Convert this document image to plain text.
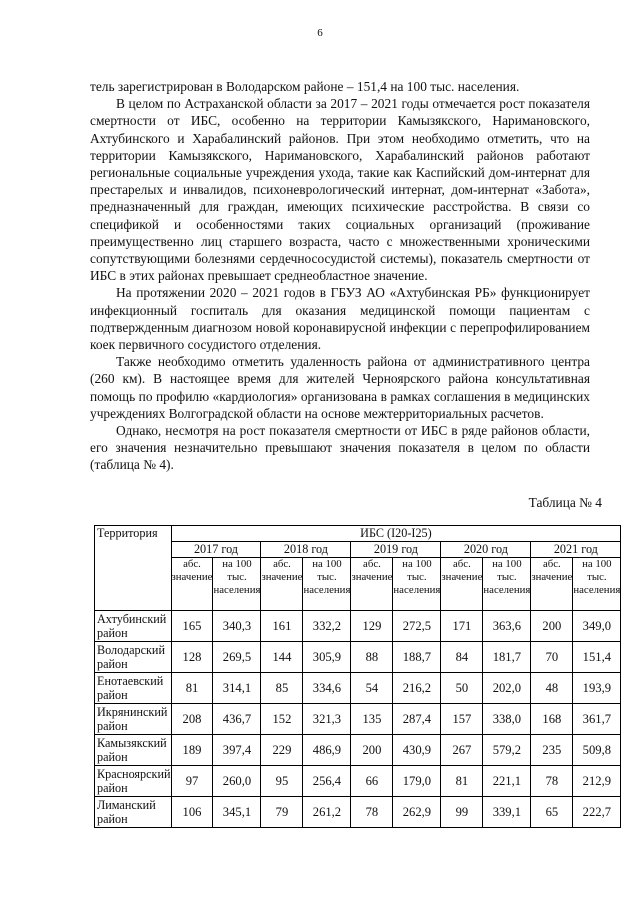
6

тель зарегистрирован в Володарском районе – 151,4 на 100 тыс. населения.

В целом по Астраханской области за 2017 – 2021 годы отмечается рост показателя смертности от ИБС, особенно на территории Камызякского, Наримановского, Ахтубинского и Харабалинский районов. При этом необходимо отметить, что на территории Камызякского, Наримановского, Харабалинский районов работают региональные социальные учреждения ухода, такие как Каспийский дом-интернат для престарелых и инвалидов, психоневрологический интернат, дом-интернат «Забота», предназначенный для граждан, имеющих психические расстройства. В связи со спецификой и особенностями таких социальных организаций (проживание преимущественно лиц старшего возраста, часто с множественными хроническими сопутствующими болезнями сердечнососудистой системы), показатель смертности от ИБС в этих районах превышает среднеобластное значение.

На протяжении 2020 – 2021 годов в ГБУЗ АО «Ахтубинская РБ» функционирует инфекционный госпиталь для оказания медицинской помощи пациентам с подтвержденным диагнозом новой коронавирусной инфекции с перепрофилированием коек первичного сосудистого отделения.

Также необходимо отметить удаленность района от административного центра (260 км). В настоящее время для жителей Черноярского района консультативная помощь по профилю «кардиология» организована в рамках соглашения в медицинских учреждениях Волгоградской области на основе межтерриториальных расчетов.

Однако, несмотря на рост показателя смертности от ИБС в ряде районов области, его значения незначительно превышают значения показателя в целом по области (таблица № 4).

Таблица № 4
Территория	ИБС (I20-I25)									
	2017 год		2018 год		2019 год		2020 год		2021 год	
	абс. значение	на 100 тыс. населения	абс. значение	на 100 тыс. населения	абс. значение	на 100 тыс. населения	абс. значение	на 100 тыс. населения	абс. значение	на 100 тыс. населения
Ахтубинский район	165	340,3	161	332,2	129	272,5	171	363,6	200	349,0
Володарский район	128	269,5	144	305,9	88	188,7	84	181,7	70	151,4
Енотаевский район	81	314,1	85	334,6	54	216,2	50	202,0	48	193,9
Икрянинский район	208	436,7	152	321,3	135	287,4	157	338,0	168	361,7
Камызякский район	189	397,4	229	486,9	200	430,9	267	579,2	235	509,8
Красноярский район	97	260,0	95	256,4	66	179,0	81	221,1	78	212,9
Лиманский район	106	345,1	79	261,2	78	262,9	99	339,1	65	222,7
